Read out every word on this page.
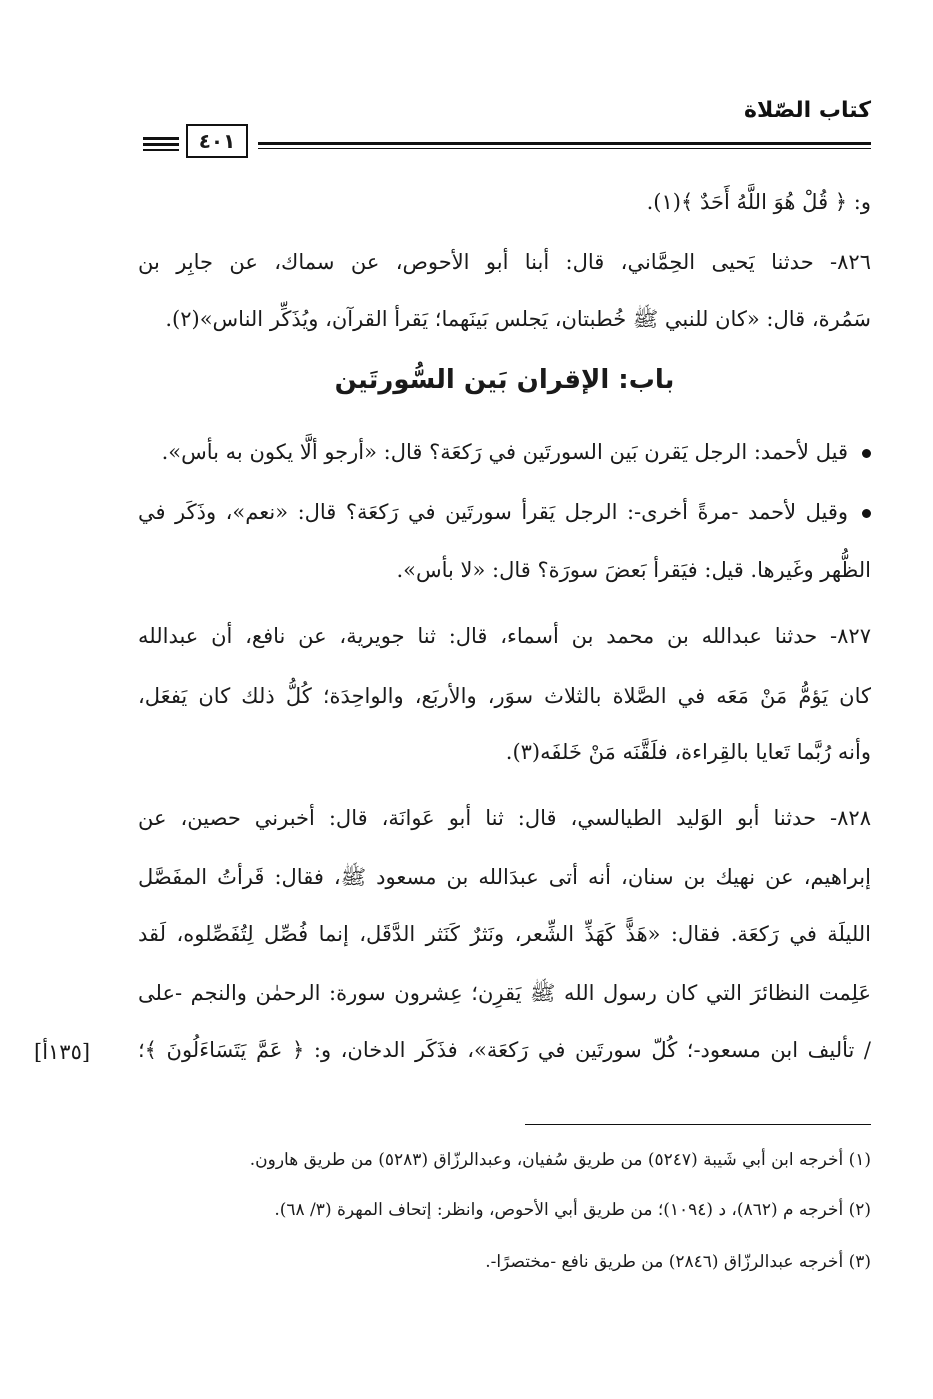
كتاب الصّلاة
٤٠١
و: ﴿ قُلْ هُوَ اللَّهُ أَحَدٌ ﴾(١).
٨٢٦- حدثنا يَحيى الحِمَّاني، قال: أبنا أبو الأحوص، عن سماك، عن جابِر بن
سَمُرة، قال: «كان للنبي ﷺ خُطبتان، يَجلس بَينَهما؛ يَقرأ القرآن، ويُذَكِّر الناس»(٢).
باب: الإقران بَين السُّورتَين
قيل لأحمد: الرجل يَقرن بَين السورتَين في رَكعَة؟ قال: «أرجو ألَّا يكون به بأس».
وقيل لأحمد -مرةً أخرى-: الرجل يَقرأ سورتَين في رَكعَة؟ قال: «نعم»، وذَكَر في
الظُّهر وغَيرها. قيل: فيَقرأ بَعضَ سورَة؟ قال: «لا بأس».
٨٢٧- حدثنا عبدالله بن محمد بن أسماء، قال: ثنا جويرية، عن نافع، أن عبدالله
كان يَؤمُّ مَنْ مَعَه في الصَّلاة بالثلاث سوَر، والأربَع، والواحِدَة؛ كُلُّ ذلك كان يَفعَل،
وأنه رُبَّما تَعايا بالقِراءة، فلَقَّنَه مَنْ خَلفَه(٣).
٨٢٨- حدثنا أبو الوَليد الطيالسي، قال: ثنا أبو عَوانَة، قال: أخبرني حصين، عن
إبراهيم، عن نهيك بن سنان، أنه أتى عبدَالله بن مسعود ﷺ، فقال: قَرأتُ المفَصَّل
الليلَة في رَكعَة. فقال: «هَذًّ كَهَذِّ الشِّعر، ونَثرٌ كَنَثر الدَّقَل، إنما فُصِّل لِتُفَصِّلوه، لَقد
عَلِمت النظائرَ التي كان رسول الله ﷺ يَقرِن؛ عِشرون سورة: الرحمٰن والنجم -على
/ تأليف ابن مسعود-؛ كُلّ سورتَين في رَكعَة»، فذَكَر الدخان، و: ﴿ عَمَّ يَتَسَاءَلُونَ ﴾؛
[١٣٥أ]
(١) أخرجه ابن أبي شَيبة (٥٢٤٧) من طريق سُفيان، وعبدالرزّاق (٥٢٨٣) من طريق هارون.
(٢) أخرجه م (٨٦٢)، د (١٠٩٤)؛ من طريق أبي الأحوص، وانظر: إتحاف المهرة (٣/ ٦٨).
(٣) أخرجه عبدالرزّاق (٢٨٤٦) من طريق نافع -مختصرًا-.
